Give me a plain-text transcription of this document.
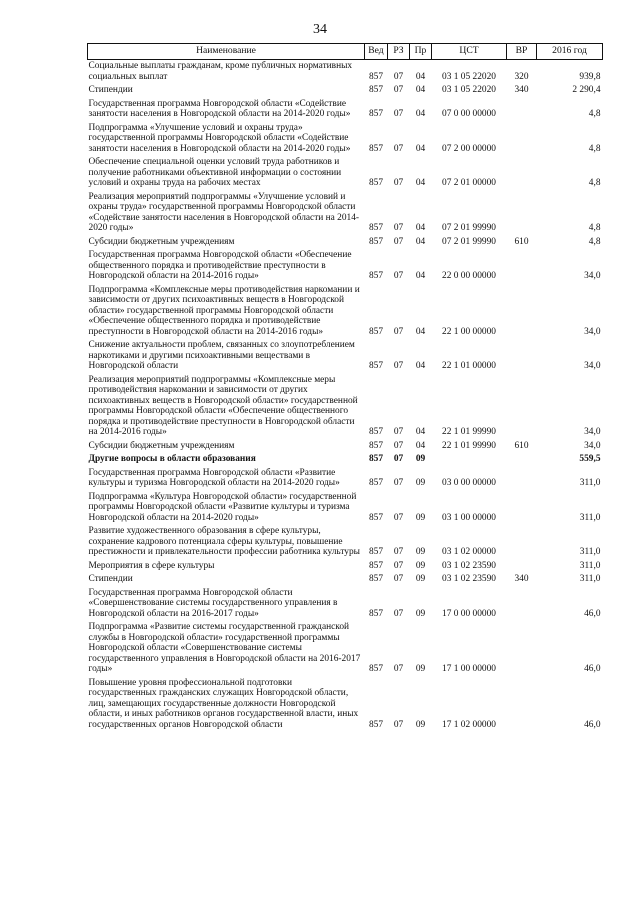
34
Наименование	Вед	РЗ	Пр	ЦСТ	ВР	2016 год
Социальные выплаты гражданам, кроме публичных нормативных социальных выплат	857	07	04	03 1 05 22020	320	939,8
Стипендии	857	07	04	03 1 05 22020	340	2 290,4
Государственная программа Новгородской области «Содействие занятости населения в Новгородской области на 2014-2020 годы»	857	07	04	07 0 00 00000		4,8
Подпрограмма «Улучшение условий и охраны труда» государственной программы Новгородской области «Содействие занятости населения в Новгородской области на 2014-2020 годы»	857	07	04	07 2 00 00000		4,8
Обеспечение специальной оценки условий труда работников и получение работниками объективной информации о состоянии условий и охраны труда на рабочих местах	857	07	04	07 2 01 00000		4,8
Реализация мероприятий подпрограммы «Улучшение условий и охраны труда» государственной программы Новгородской области «Содействие занятости населения в Новгородской области на 2014-2020 годы»	857	07	04	07 2 01 99990		4,8
Субсидии бюджетным учреждениям	857	07	04	07 2 01 99990	610	4,8
Государственная программа Новгородской области «Обеспечение общественного порядка и противодействие преступности в Новгородской области на 2014-2016 годы»	857	07	04	22 0 00 00000		34,0
Подпрограмма «Комплексные меры противодействия наркомании и зависимости от других психоактивных веществ в Новгородской области» государственной программы Новгородской области «Обеспечение общественного порядка и противодействие преступности в Новгородской области на 2014-2016 годы»	857	07	04	22 1 00 00000		34,0
Снижение актуальности проблем, связанных со злоупотреблением наркотиками и другими психоактивными веществами в Новгородской области	857	07	04	22 1 01 00000		34,0
Реализация мероприятий подпрограммы «Комплексные меры противодействия наркомании и зависимости от других психоактивных веществ в Новгородской области» государственной программы Новгородской области «Обеспечение общественного порядка и противодействие преступности в Новгородской области на 2014-2016 годы»	857	07	04	22 1 01 99990		34,0
Субсидии бюджетным учреждениям	857	07	04	22 1 01 99990	610	34,0
Другие вопросы в области образования	857	07	09			559,5
Государственная программа Новгородской области «Развитие культуры и туризма Новгородской области на 2014-2020 годы»	857	07	09	03 0 00 00000		311,0
Подпрограмма «Культура Новгородской области» государственной программы Новгородской области «Развитие культуры и туризма Новгородской области на 2014-2020 годы»	857	07	09	03 1 00 00000		311,0
Развитие художественного образования в сфере культуры, сохранение кадрового потенциала сферы культуры, повышение престижности и привлекательности профессии работника культуры	857	07	09	03 1 02 00000		311,0
Мероприятия в сфере культуры	857	07	09	03 1 02 23590		311,0
Стипендии	857	07	09	03 1 02 23590	340	311,0
Государственная программа Новгородской области «Совершенствование системы государственного управления в Новгородской области на 2016-2017 годы»	857	07	09	17 0 00 00000		46,0
Подпрограмма «Развитие системы государственной гражданской службы в Новгородской области» государственной программы Новгородской области «Совершенствование системы государственного управления в Новгородской области на 2016-2017 годы»	857	07	09	17 1 00 00000		46,0
Повышение уровня профессиональной подготовки государственных гражданских служащих Новгородской области, лиц, замещающих государственные должности Новгородской области, и иных работников органов государственной власти, иных государственных органов Новгородской области	857	07	09	17 1 02 00000		46,0
